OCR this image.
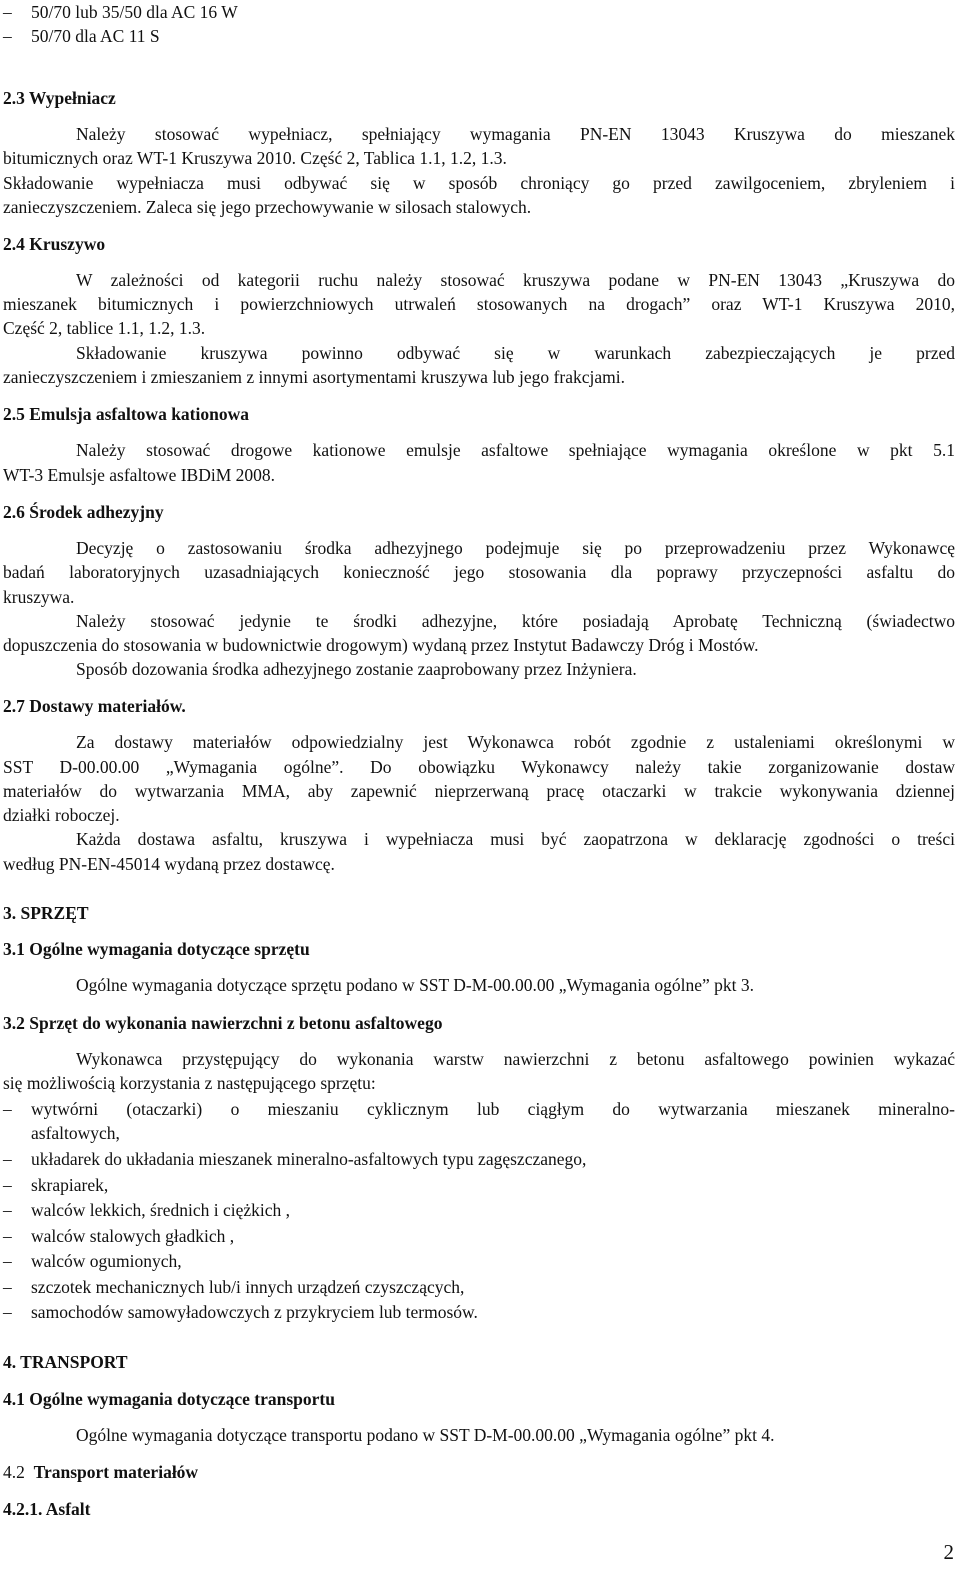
– 50/70 lub 35/50 dla AC 16 W
– 50/70 dla AC 11 S
2.3 Wypełniacz
Należy stosować wypełniacz, spełniający wymagania PN-EN 13043 Kruszywa do mieszanek
bitumicznych oraz WT-1 Kruszywa 2010. Część 2, Tablica 1.1, 1.2, 1.3.
Składowanie wypełniacza musi odbywać się w sposób chroniący go przed zawilgoceniem, zbryleniem i
zanieczyszczeniem. Zaleca się jego przechowywanie w silosach stalowych.
2.4 Kruszywo
W zależności od kategorii ruchu należy stosować kruszywa podane w PN-EN 13043 „Kruszywa do
mieszanek bitumicznych i powierzchniowych utrwaleń stosowanych na drogach” oraz WT-1 Kruszywa 2010,
Część 2, tablice 1.1, 1.2, 1.3.
Składowanie kruszywa powinno odbywać się w warunkach zabezpieczających je przed
zanieczyszczeniem i zmieszaniem z innymi asortymentami kruszywa lub jego frakcjami.
2.5 Emulsja asfaltowa kationowa
Należy stosować drogowe kationowe emulsje asfaltowe spełniające wymagania określone w pkt 5.1
WT-3 Emulsje asfaltowe IBDiM 2008.
2.6 Środek adhezyjny
Decyzję o zastosowaniu środka adhezyjnego podejmuje się po przeprowadzeniu przez Wykonawcę
badań laboratoryjnych uzasadniających konieczność jego stosowania dla poprawy przyczepności asfaltu do
kruszywa.
Należy stosować jedynie te środki adhezyjne, które posiadają Aprobatę Techniczną (świadectwo
dopuszczenia do stosowania w budownictwie drogowym) wydaną przez Instytut Badawczy Dróg i Mostów.
Sposób dozowania środka adhezyjnego zostanie zaaprobowany przez Inżyniera.
2.7 Dostawy materiałów.
Za dostawy materiałów odpowiedzialny jest Wykonawca robót zgodnie z ustaleniami określonymi w
SST D-00.00.00 „Wymagania ogólne”. Do obowiązku Wykonawcy należy takie zorganizowanie dostaw
materiałów do wytwarzania MMA, aby zapewnić nieprzerwaną pracę otaczarki w trakcie wykonywania dziennej
działki roboczej.
Każda dostawa asfaltu, kruszywa i wypełniacza musi być zaopatrzona w deklarację zgodności o treści
według PN-EN-45014 wydaną przez dostawcę.
3. SPRZĘT
3.1 Ogólne wymagania dotyczące sprzętu
Ogólne wymagania dotyczące sprzętu podano w SST D-M-00.00.00 „Wymagania ogólne” pkt 3.
3.2 Sprzęt do wykonania nawierzchni z betonu asfaltowego
Wykonawca przystępujący do wykonania warstw nawierzchni z betonu asfaltowego powinien wykazać
się możliwością korzystania z następującego sprzętu:
wytwórni (otaczarki) o mieszaniu cyklicznym lub ciągłym do wytwarzania mieszanek mineralno-
–
asfaltowych,
– układarek do układania mieszanek mineralno-asfaltowych typu zagęszczanego,
– skrapiarek,
– walców lekkich, średnich i ciężkich ,
– walców stalowych gładkich ,
– walców ogumionych,
– szczotek mechanicznych lub/i innych urządzeń czyszczących,
– samochodów samowyładowczych z przykryciem lub termosów.
4. TRANSPORT
4.1 Ogólne wymagania dotyczące transportu
Ogólne wymagania dotyczące transportu podano w SST D-M-00.00.00 „Wymagania ogólne” pkt 4.
4.2 Transport materiałów
4.2.1. Asfalt
2
